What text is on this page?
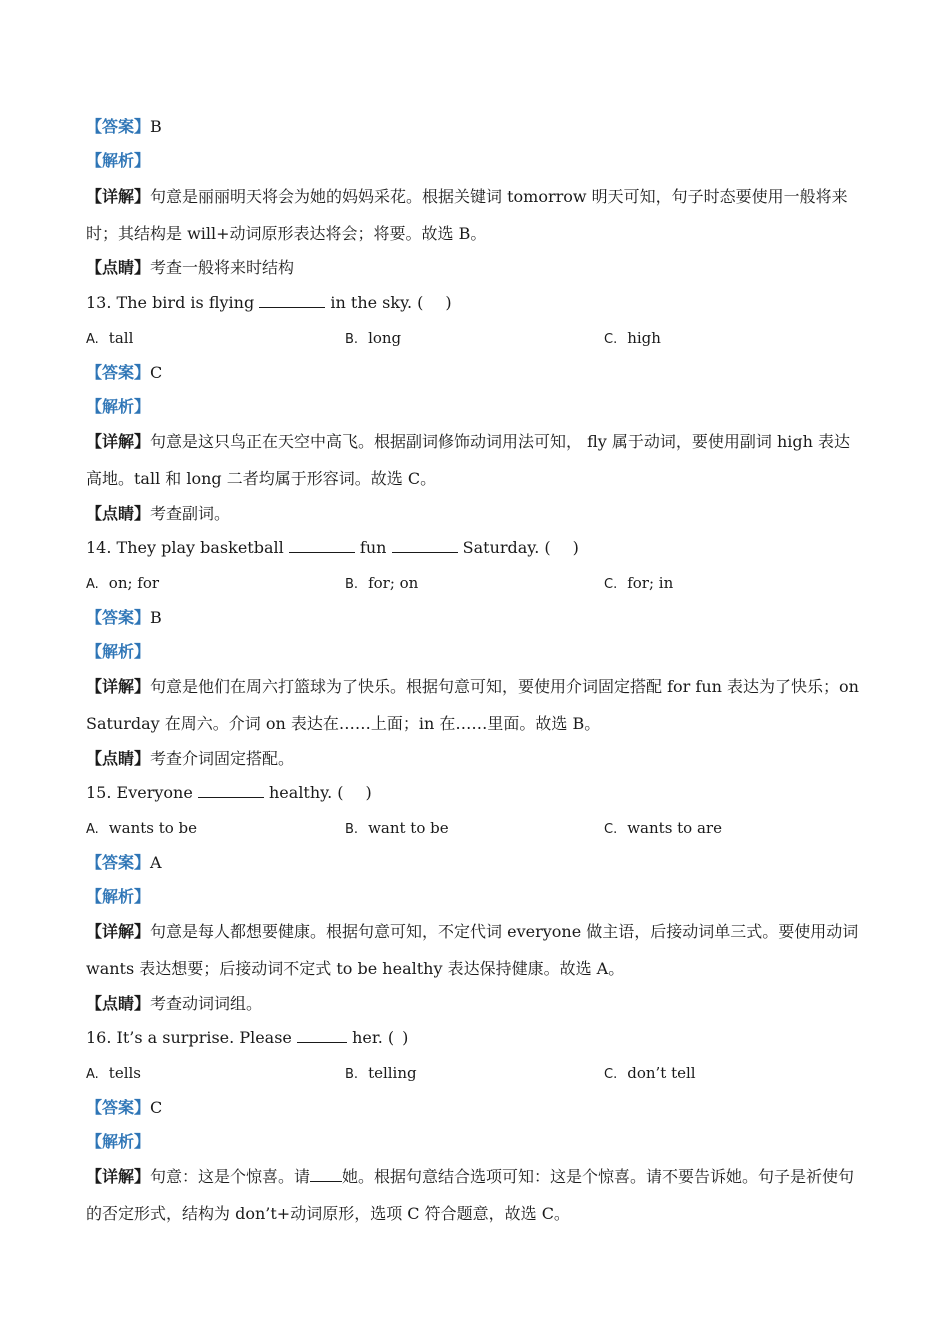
【答案】B
【解析】
【详解】句意是丽丽明天将会为她的妈妈采花。根据关键词 tomorrow 明天可知，句子时态要使用一般将来时；其结构是 will+动词原形表达将会；将要。故选 B。
【点睛】考查一般将来时结构
13. The bird is flying	in the sky. ( )
A. tall	B. long	C. high
【答案】C
【解析】
【详解】句意是这只鸟正在天空中高飞。根据副词修饰动词用法可知， fly 属于动词，要使用副词 high 表达高地。tall 和 long 二者均属于形容词。故选 C。
【点睛】考查副词。
14. They play basketball	fun	Saturday. ( )
A. on; for	B. for; on	C. for; in
【答案】B
【解析】
【详解】句意是他们在周六打篮球为了快乐。根据句意可知，要使用介词固定搭配 for fun 表达为了快乐；on Saturday 在周六。介词 on 表达在……上面；in 在……里面。故选 B。
【点睛】考查介词固定搭配。
15. Everyone	healthy. ( )
A. wants to be	B. want to be	C. wants to are
【答案】A
【解析】
【详解】句意是每人都想要健康。根据句意可知，不定代词 everyone 做主语，后接动词单三式。要使用动词 wants 表达想要；后接动词不定式 to be healthy 表达保持健康。故选 A。
【点睛】考查动词词组。
16. It’s a surprise. Please	her. ( )
A. tells	B. telling	C. don’t tell
【答案】C
【解析】
【详解】句意：这是个惊喜。请 她。根据句意结合选项可知：这是个惊喜。请不要告诉她。句子是祈使句的否定形式，结构为 don’t+动词原形，选项 C 符合题意，故选 C。
